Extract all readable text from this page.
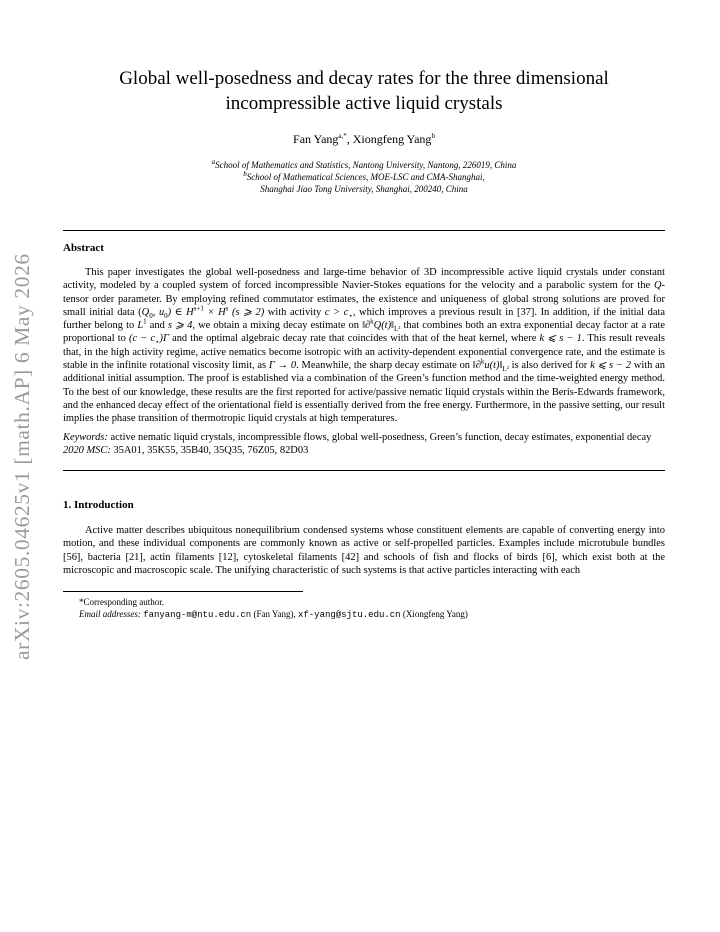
arXiv:2605.04625v1 [math.AP] 6 May 2026
Global well-posedness and decay rates for the three dimensional
incompressible active liquid crystals
Fan Yang$^{a,*}$, Xiongfeng Yang$^b$
$^a$School of Mathematics and Statistics, Nantong University, Nantong, 226019, China
$^b$School of Mathematical Sciences, MOE-LSC and CMA-Shanghai,
Shanghai Jiao Tong University, Shanghai, 200240, China
Abstract

This paper investigates the global well-posedness and large-time behavior of 3D incompressible active liquid crystals under constant activity, modeled by a coupled system of forced incompressible Navier-Stokes equations for the velocity and a parabolic system for the Q-tensor order parameter. By employing refined commutator estimates, the existence and uniqueness of global strong solutions are proved for small initial data ($Q_0$, $u_0$) ∈ $H^{s+1} \times H^s$ (s ⩾ 2) with activity $c > c_⋆$, which improves a previous result in [37]. In addition, if the initial data further belong to $L^1$ and s ⩾ 4, we obtain a mixing decay estimate on $‖\partial^kQ(t)‖_{L^2}$ that combines both an extra exponential decay factor at a rate proportional to $(c - c_⋆)\Gamma$ and the optimal algebraic decay rate that coincides with that of the heat kernel, where k ⩽ s − 1. This result reveals that, in the high activity regime, active nematics become isotropic with an activity-dependent exponential convergence rate, and the estimate is stable in the infinite rotational viscosity limit, as Γ → 0. Meanwhile, the sharp decay estimate on $‖\partial^ku(t)‖_{L^2}$ is also derived for k ⩽ s − 2 with an additional initial assumption. The proof is established via a combination of the Green’s function method and the time-weighted energy method. To the best of our knowledge, these results are the first reported for active/passive nematic liquid crystals within the Beris-Edwards framework, and the enhanced decay effect of the orientational field is essentially derived from the free energy. Furthermore, in the passive setting, our result implies the phase transition of thermotropic liquid crystals at high temperatures.

Keywords: active nematic liquid crystals, incompressible flows, global well-posedness, Green’s function, decay estimates, exponential decay
2020 MSC: 35A01, 35K55, 35B40, 35Q35, 76Z05, 82D03
1. Introduction

Active matter describes ubiquitous nonequilibrium condensed systems whose constituent elements are capable of converting energy into motion, and these individual components are commonly known as active or self-propelled particles. Examples include microtubule bundles [56], bacteria [21], actin filaments [12], cytoskeletal filaments [42] and schools of fish and flocks of birds [6], which exist both at the microscopic and macroscopic scale. The unifying characteristic of such systems is that active particles interacting with each

*Corresponding author.
Email addresses: fanyang-m@ntu.edu.cn (Fan Yang), xf-yang@sjtu.edu.cn (Xiongfeng Yang)
